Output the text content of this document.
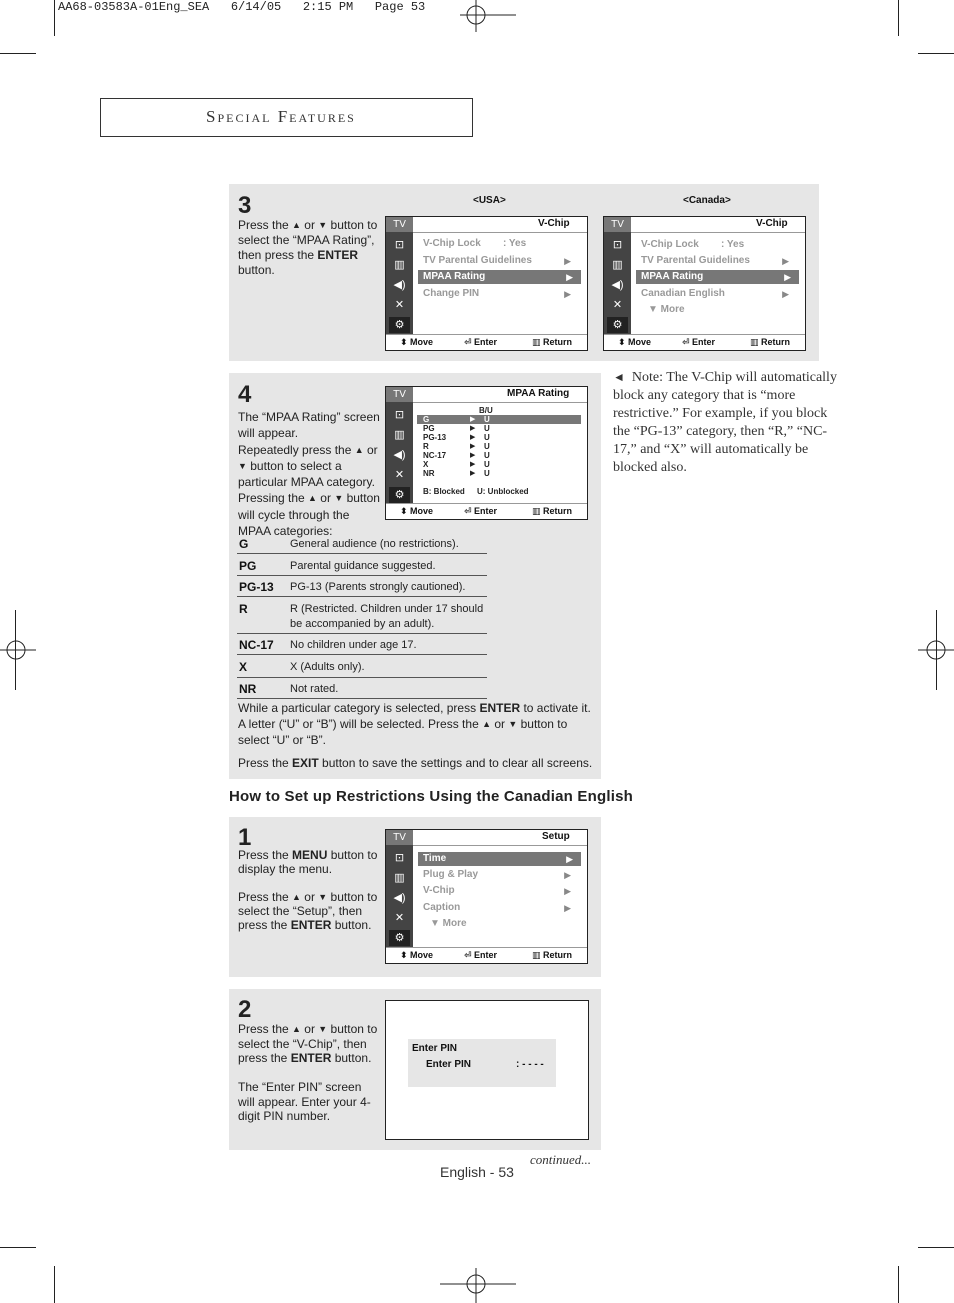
AA68-03583A-01Eng_SEA   6/14/05   2:15 PM   Page 53
Special Features
3
Press the ▲ or ▼ button to select the “MPAA Rating”, then press the ENTER button.
<USA>	<Canada>
TV
⊡
▥
◀)
✕
⚙
V-Chip
V-Chip Lock : Yes
TV Parental Guidelines	▶
MPAA Rating	▶
Change PIN	▶
⬍ Move	⏎ Enter	▥ Return
TV
⊡
▥
◀)
✕
⚙
V-Chip
V-Chip Lock : Yes
TV Parental Guidelines	▶
MPAA Rating	▶
Canadian English	▶
▼ More
⬍ Move	⏎ Enter	▥ Return
4
The “MPAA Rating” screen will appear.
Repeatedly press the ▲ or ▼ button to select a particular MPAA category. Pressing the ▲ or ▼ button will cycle through the MPAA categories:
TV
⊡
▥
◀)
✕
⚙
MPAA Rating
B/U
G	▶ U
PG	▶ U
PG-13	▶ U
R	▶ U
NC-17	▶ U
X	▶ U
NR	▶ U
B: Blocked U: Unblocked
⬍ Move	⏎ Enter	▥ Return
G	General audience (no restrictions).
PG	Parental guidance suggested.
PG-13 PG-13 (Parents strongly cautioned).
R	R (Restricted. Children under 17 should be accompanied by an adult).
NC-17 No children under age 17.
X	X (Adults only).
NR	Not rated.
While a particular category is selected, press ENTER to activate it. A letter (“U” or “B”) will be selected. Press the ▲ or ▼ button to select “U” or “B”.
Press the EXIT button to save the settings and to clear all screens.
◄ Note: The V-Chip will automatically block any category that is “more restrictive.” For example, if you block the “PG-13” category, then “R,” “NC-17,” and “X” will automatically be blocked also.
How to Set up Restrictions Using the Canadian English
1
Press the MENU button to display the menu.

Press the ▲ or ▼ button to select the “Setup”, then press the ENTER button.
TV
⊡
▥
◀)
✕
⚙
Setup
Time	▶
Plug & Play	▶
V-Chip	▶
Caption	▶
▼ More
⬍ Move	⏎ Enter	▥ Return
2
Press the ▲ or ▼ button to select the “V-Chip”, then press the ENTER button.

The “Enter PIN” screen will appear. Enter your 4-digit PIN number.
Enter PIN
Enter PIN	: - - - -
continued...
English - 53
